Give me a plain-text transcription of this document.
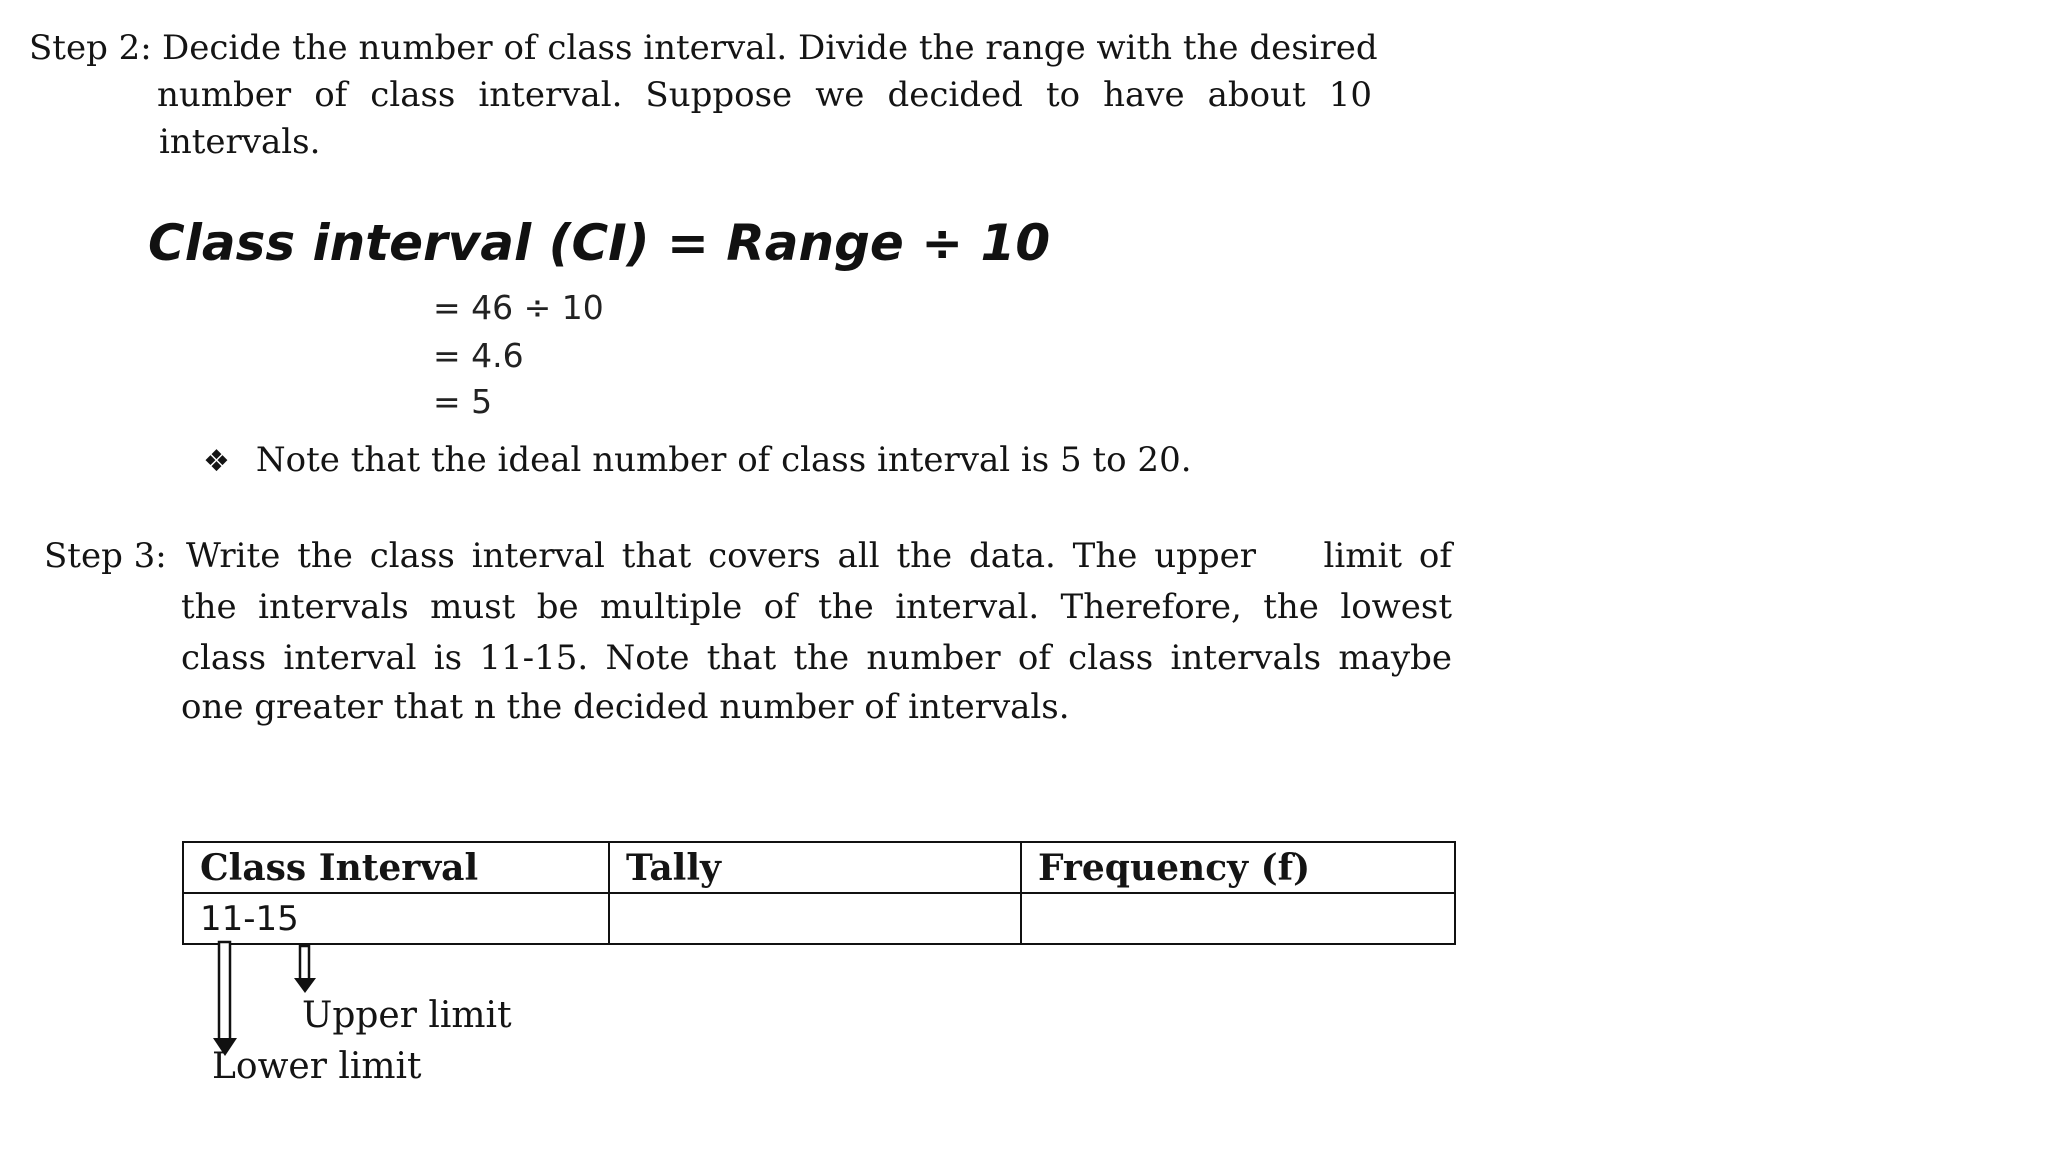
Step 2: Decide the number of class interval. Divide the range with the desired
number of class interval. Suppose we decided to have about 10
intervals.
Class interval (CI) = Range ÷ 10
= 46 ÷ 10
= 4.6
= 5
❖ Note that the ideal number of class interval is 5 to 20.
Step 3: Write the class interval that covers all the data. The upper    limit of
the intervals must be multiple of the interval. Therefore, the lowest
class interval is 11-15. Note that the number of class intervals maybe
one greater that n the decided number of intervals.
Class Interval	Tally	Frequency (f)
11-15		
Upper limit
Lower limit
